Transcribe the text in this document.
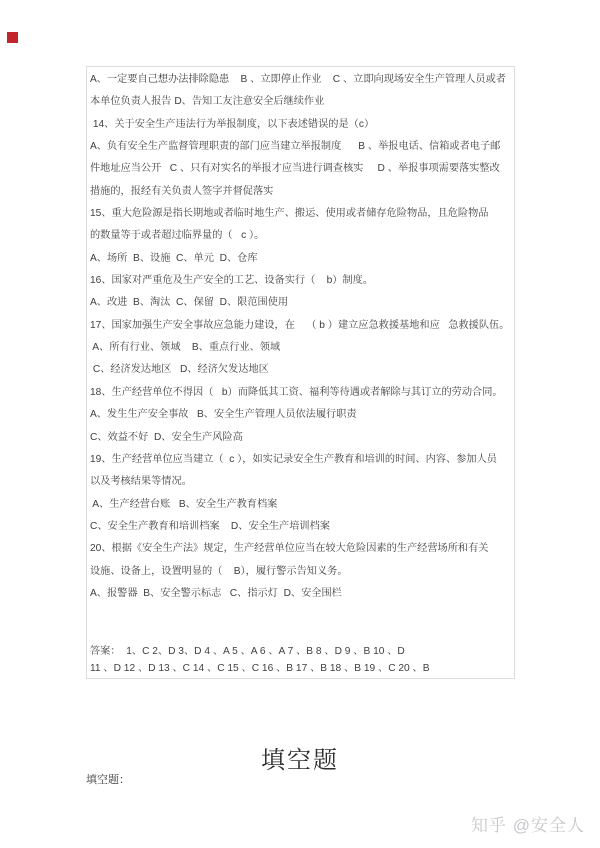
A、一定要自己想办法排除隐患    B 、立即停止作业    C 、立即向现场安全生产管理人员或者
本单位负责人报告 D、告知工友注意安全后继续作业
14、关于安全生产违法行为举报制度，以下表述错误的是（c）
A、负有安全生产监督管理职责的部门应当建立举报制度      B 、举报电话、信箱或者电子邮
件地址应当公开   C 、只有对实名的举报才应当进行调查核实     D 、举报事项需要落实整改
措施的，报经有关负责人签字并督促落实
15、重大危险源是指长期地或者临时地生产、搬运、使用或者储存危险物品，且危险物品
的数量等于或者超过临界量的（   c ）。
A、场所  B、设施  C、单元  D、仓库
16、国家对严重危及生产安全的工艺、设备实行（    b）制度。
A、改进  B、淘汰  C、保留  D、限范围使用
17、国家加强生产安全事故应急能力建设，在    （ b ）建立应急救援基地和应   急救援队伍。
A、所有行业、领域    B、重点行业、领域
C、经济发达地区   D、经济欠发达地区
18、生产经营单位不得因（   b）而降低其工资、福利等待遇或者解除与其订立的劳动合同。
A、发生生产安全事故   B、安全生产管理人员依法履行职责
C、效益不好  D、安全生产风险高
19、生产经营单位应当建立（  c ），如实记录安全生产教育和培训的时间、内容、参加人员
以及考核结果等情况。
A、生产经营台账   B、安全生产教育档案
C、安全生产教育和培训档案    D、安全生产培训档案
20、根据《安全生产法》规定，生产经营单位应当在较大危险因素的生产经营场所和有关
设施、设备上，设置明显的（    B），履行警示告知义务。
A、报警器  B、安全警示标志   C、指示灯  D、安全围栏
答案：  1、C 2、D 3、D 4 、A 5 、A 6 、A 7 、B 8 、D 9 、B 10 、D
11 、D 12 、D 13 、C 14 、C 15 、C 16 、B 17 、B 18 、B 19 、C 20 、B
填空题
填空题：
知乎 @安全人
